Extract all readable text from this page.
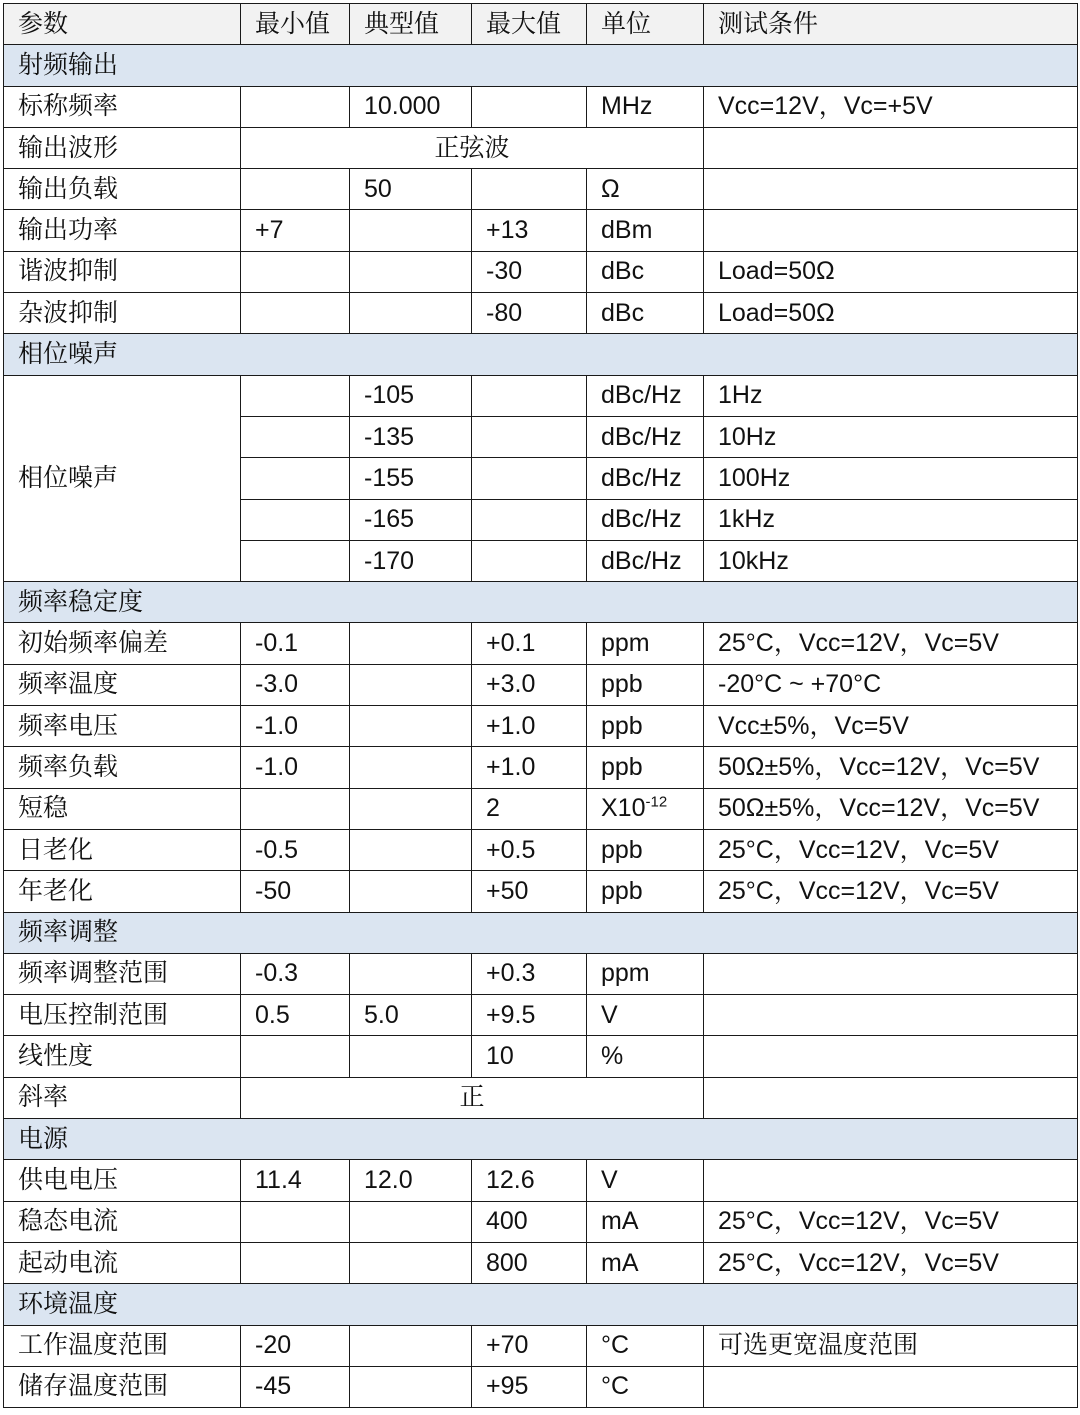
参数	最小值	典型值	最大值	单位	测试条件
射频输出					
标称频率		10.000		MHz	Vcc=12V，Vc=+5V
输出波形	正弦波				
输出负载		50		Ω	
输出功率	+7		+13	dBm	
谐波抑制			-30	dBc	Load=50Ω
杂波抑制			-80	dBc	Load=50Ω
相位噪声					
相位噪声		-105		dBc/Hz	1Hz
		-135		dBc/Hz	10Hz
		-155		dBc/Hz	100Hz
		-165		dBc/Hz	1kHz
		-170		dBc/Hz	10kHz
频率稳定度					
初始频率偏差	-0.1		+0.1	ppm	25°C，Vcc=12V，Vc=5V
频率温度	-3.0		+3.0	ppb	-20°C ~ +70°C
频率电压	-1.0		+1.0	ppb	Vcc±5%，Vc=5V
频率负载	-1.0		+1.0	ppb	50Ω±5%，Vcc=12V，Vc=5V
短稳			2	$X10^{-12}$	50Ω±5%，Vcc=12V，Vc=5V
日老化	-0.5		+0.5	ppb	25°C，Vcc=12V，Vc=5V
年老化	-50		+50	ppb	25°C，Vcc=12V，Vc=5V
频率调整					
频率调整范围	-0.3		+0.3	ppm	
电压控制范围	0.5	5.0	+9.5	V	
线性度			10	%	
斜率	正				
电源					
供电电压	11.4	12.0	12.6	V	
稳态电流			400	mA	25°C，Vcc=12V，Vc=5V
起动电流			800	mA	25°C，Vcc=12V，Vc=5V
环境温度					
工作温度范围	-20		+70	°C	可选更宽温度范围
储存温度范围	-45		+95	°C	
